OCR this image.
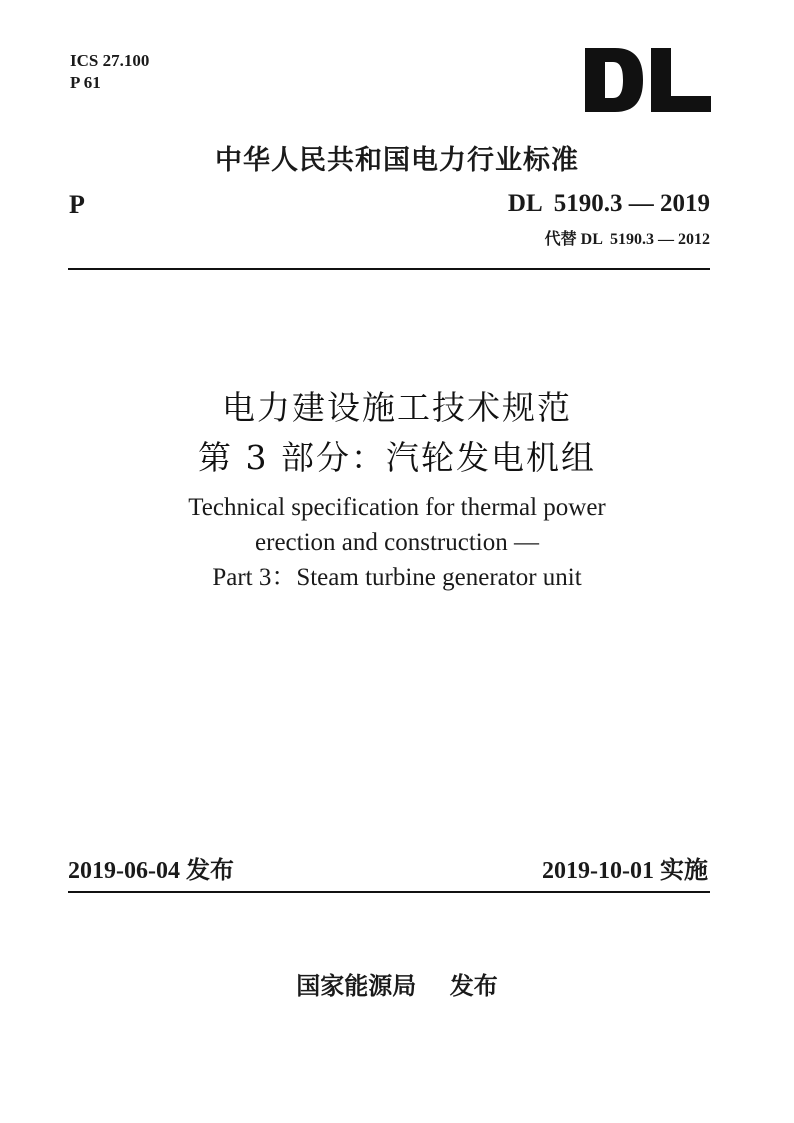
ICS 27.100
P 61
中华人民共和国电力行业标准
P	DL  5190.3 — 2019
代替 DL  5190.3 — 2012
电力建设施工技术规范
第 3 部分：汽轮发电机组
Technical specification for thermal power
erection and construction —
Part 3：Steam turbine generator unit
2019-06-04 发布	2019-10-01 实施
国家能源局    发布
